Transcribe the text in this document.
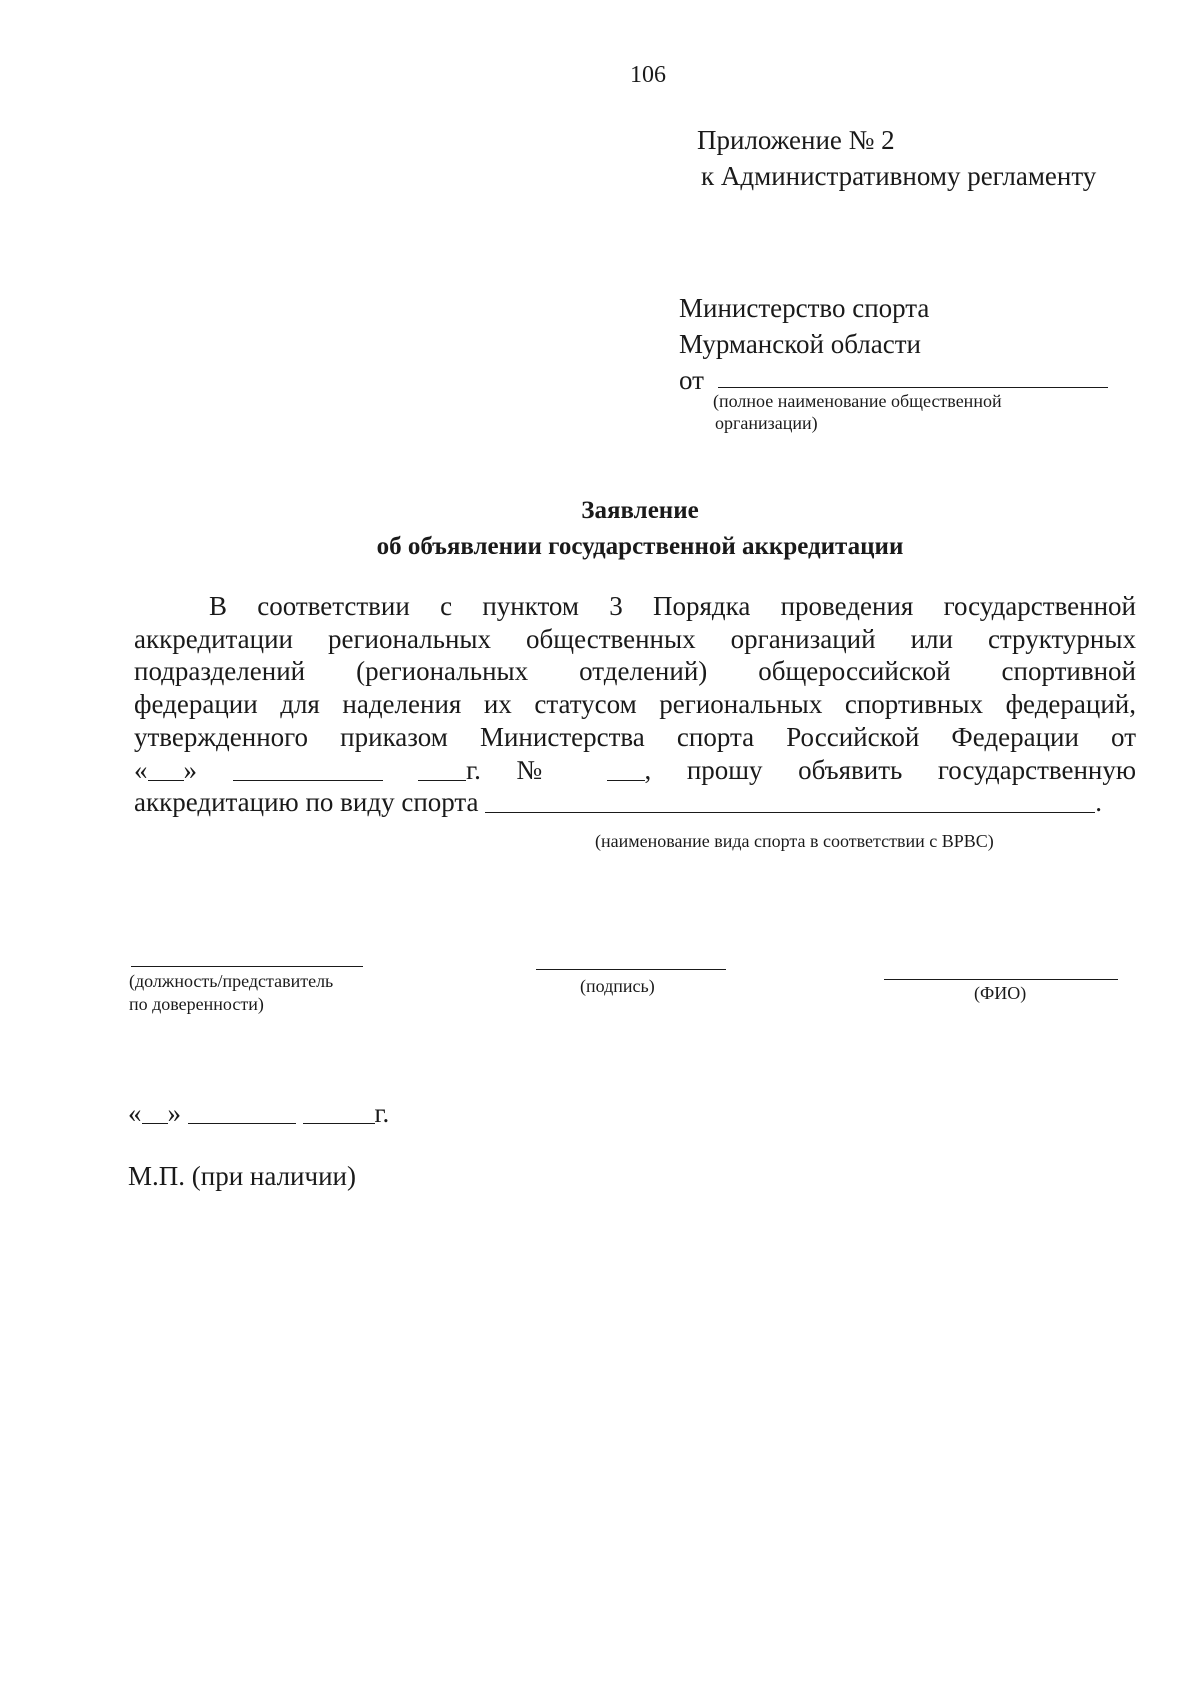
106
Приложение № 2
к Административному регламенту
Министерство спорта
Мурманской области
от
(полное наименование общественной
организации)
Заявление
об объявлении государственной аккредитации
В соответствии с пунктом 3 Порядка проведения государственной
аккредитации региональных общественных организаций или структурных
подразделений (региональных отделений) общероссийской спортивной
федерации для наделения их статусом региональных спортивных федераций,
утвержденного приказом Министерства спорта Российской Федерации от
« »	г. №	, прошу объявить государственную
аккредитацию по виду спорта	.
(наименование вида спорта в соответствии с ВРВС)
(должность/представитель
по доверенности)
(подпись)	(ФИО)
« »	г.
М.П. (при наличии)
